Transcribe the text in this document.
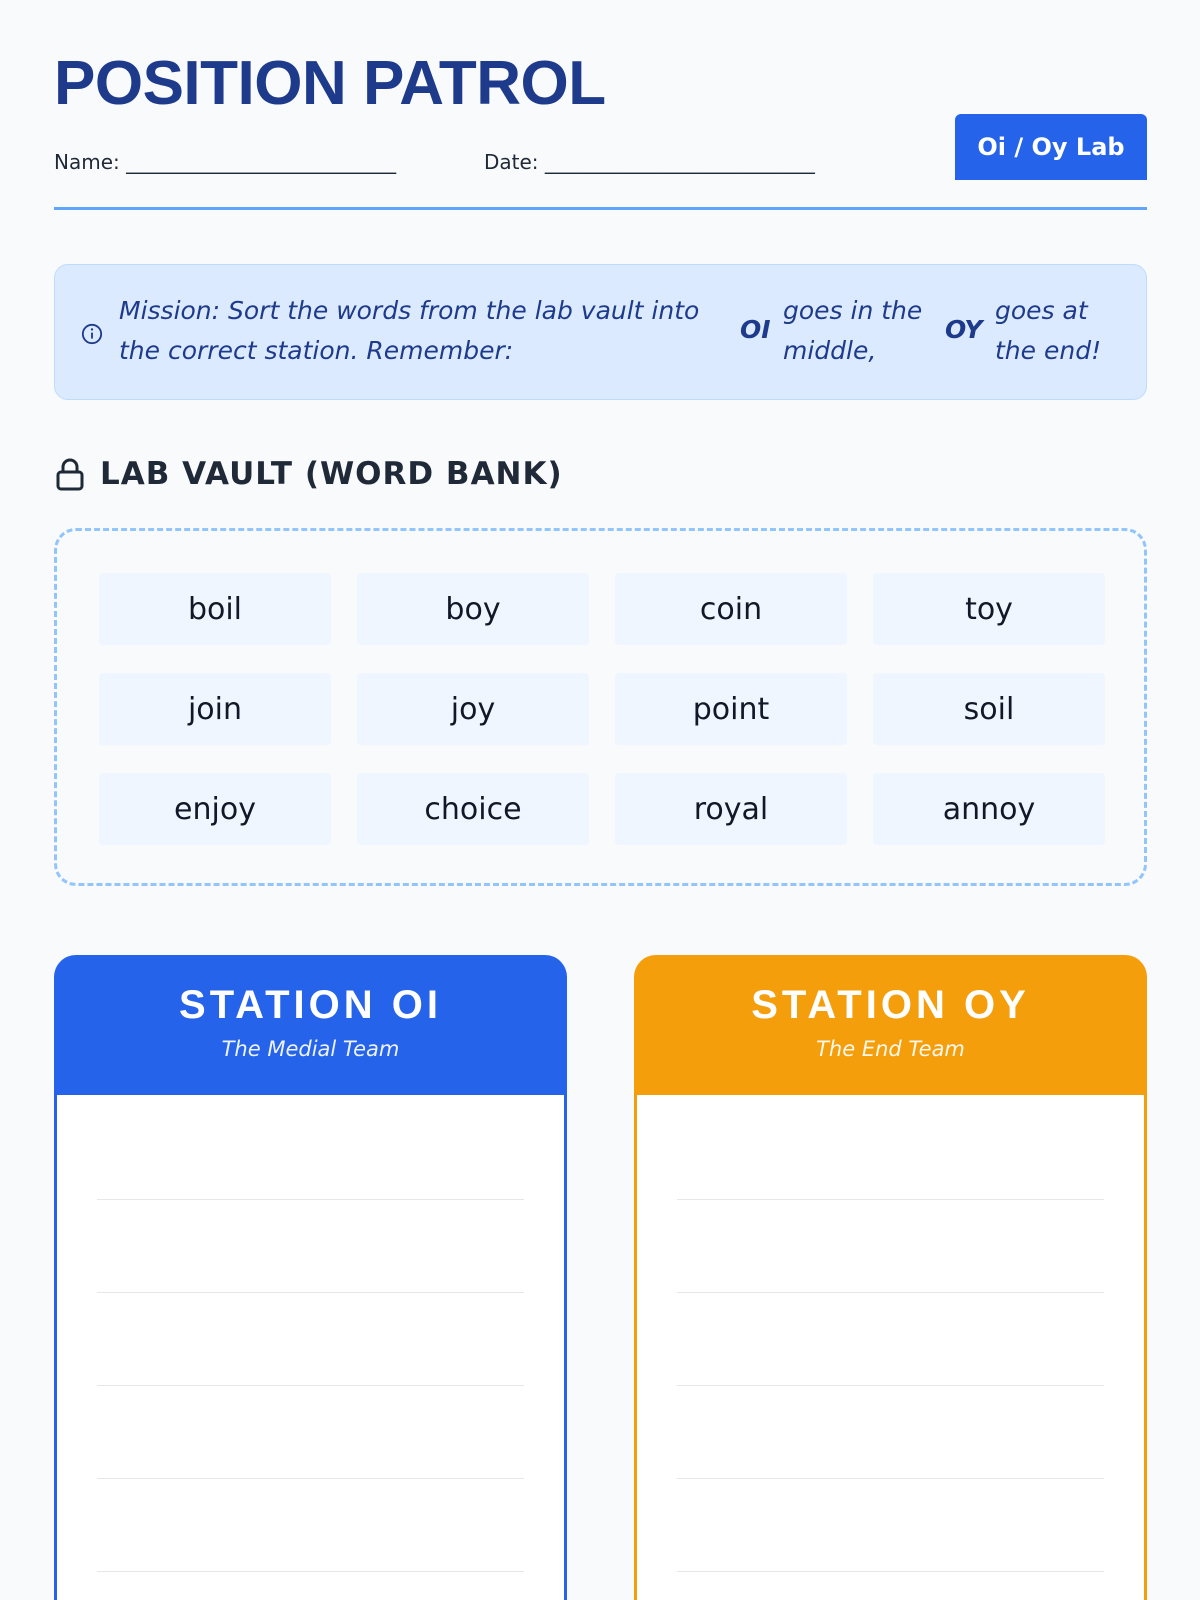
POSITION PATROL
Name: ___________________________	Date: ___________________________
Oi / Oy Lab
Mission: Sort the words from the lab vault into the correct station. Remember:
OI
goes in the middle,
OY
goes at the end!
LAB VAULT (WORD BANK)
boil	boy	coin	toy
join	joy	point	soil
enjoy	choice	royal	annoy
STATION OI
The Medial Team
STATION OY
The End Team
